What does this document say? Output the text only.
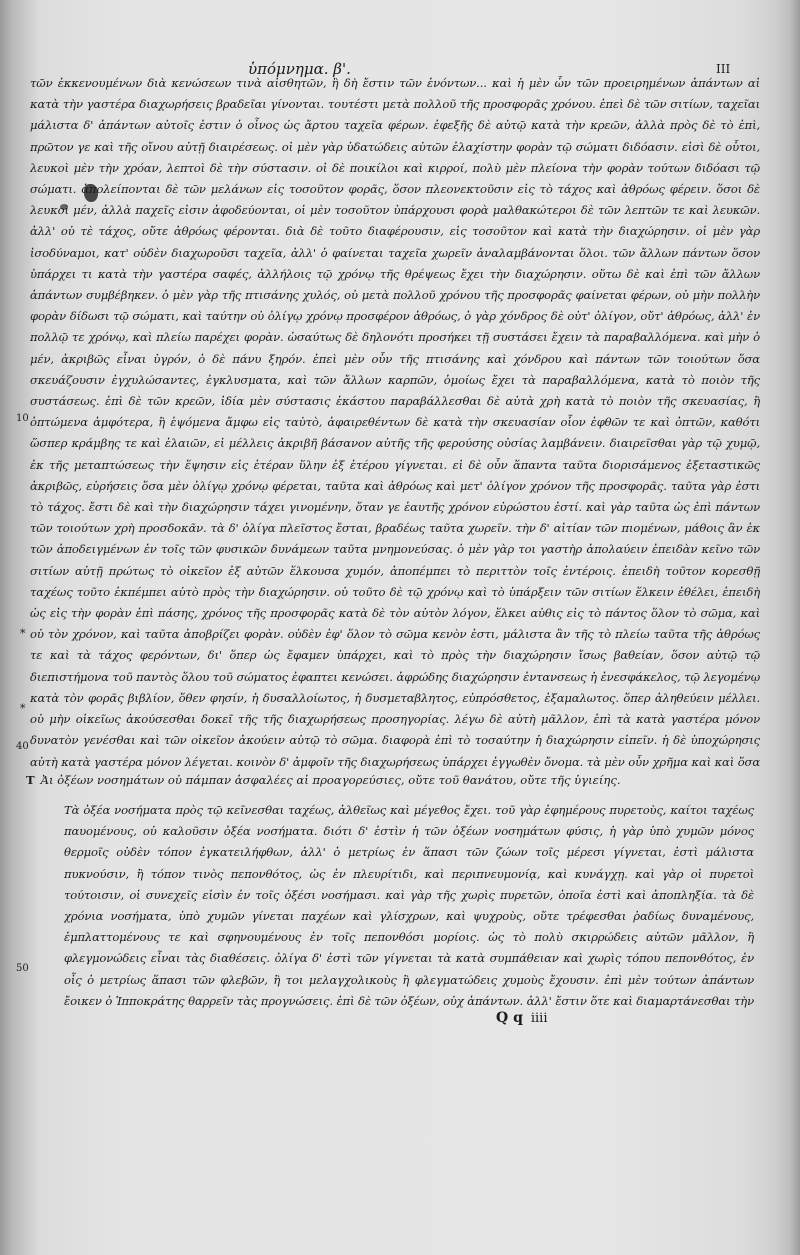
ὑπόμνημα. β'.	III

τῶν ἐκκενουμένων διὰ κενώσεων τινὰ αἰσθητῶν, ἢ δὴ ἔστιν τῶν ἐνόντων... καὶ ἡ μὲν ὧν τῶν προειρημένων ἀπάντων αἱ κατὰ τὴν γαστέρα διαχωρήσεις βραδεῖαι γίνονται. τουτέστι μετὰ πολλοῦ τῆς προσφορᾶς χρόνου. ἐπεὶ δὲ τῶν σιτίων, ταχεῖαι μάλιστα δ' ἀπάντων αὐτοῖς ἐστιν ὁ οἶνος ὡς ἄρτου ταχεῖα φέρων. ἐφεξῆς δὲ αὐτῷ κατὰ τὴν κρεῶν, ἀλλὰ πρὸς δὲ τὸ ἐπὶ, πρῶτον γε καὶ τῆς οἴνου αὐτῇ διαιρέσεως. οἱ μὲν γὰρ ὑδατώδεις αὐτῶν ἐλαχίστην φορὰν τῷ σώματι διδόασιν. εἰσὶ δὲ οὗτοι, λευκοὶ μὲν τὴν χρόαν, λεπτοὶ δὲ τὴν σύστασιν. οἱ δὲ ποικίλοι καὶ κιρροί, πολὺ μὲν πλείονα τὴν φορὰν τούτων διδόασι τῷ σώματι. ἀπολείπονται δὲ τῶν μελάνων εἰς τοσοῦτον φορᾶς, ὅσον πλεονεκτοῦσιν εἰς τὸ τάχος καὶ ἀθρόως φέρειν. ὅσοι δὲ λευκοὶ μέν, ἀλλὰ παχεῖς εἰσιν ἀφοδεύονται, οἱ μὲν τοσοῦτον ὑπάρχουσι φορὰ μαλθακώτεροι δὲ τῶν λεπτῶν τε καὶ λευκῶν. ἀλλ' οὐ τὲ τάχος, οὔτε ἀθρόως φέρονται. διὰ δὲ τοῦτο διαφέρουσιν, εἰς τοσοῦτον καὶ κατὰ τὴν διαχώρησιν. οἱ μὲν γὰρ ἰσοδύναμοι, κατ' οὐδὲν διαχωροῦσι ταχεῖα, ἀλλ' ὁ φαίνεται ταχεῖα χωρεῖν ἀναλαμβάνονται ὅλοι. τῶν ἄλλων πάντων ὅσον ὑπάρχει τι κατὰ τὴν γαστέρα σαφές, ἀλλήλοις τῷ χρόνῳ τῆς θρέψεως ἔχει τὴν διαχώρησιν. οὕτω δὲ καὶ ἐπὶ τῶν ἄλλων ἁπάντων συμβέβηκεν. ὁ μὲν γὰρ τῆς πτισάνης χυλός, οὐ μετὰ πολλοῦ χρόνου τῆς προσφορᾶς φαίνεται φέρων, οὐ μὴν πολλὴν φορὰν δίδωσι τῷ σώματι, καὶ ταύτην οὐ ὀλίγῳ χρόνῳ προσφέρον ἀθρόως, ὁ γὰρ χόνδρος δὲ οὐτ' ὀλίγον, οὔτ' ἀθρόως, ἀλλ' ἐν πολλῷ τε χρόνῳ, καὶ πλείω παρέχει φορὰν. ὡσαύτως δὲ δηλονότι προσήκει τῇ συστάσει ἔχειν τὰ παραβαλλόμενα. καὶ μὴν ὁ μέν, ἀκριβῶς εἶναι ὑγρόν, ὁ δὲ πάνυ ξηρόν. ἐπεὶ μὲν οὖν τῆς πτισάνης καὶ χόνδρου καὶ πάντων τῶν τοιούτων ὅσα σκευάζουσιν ἐγχυλώσαντες, ἐγκλυσματα, καὶ τῶν ἄλλων καρπῶν, ὁμοίως ἔχει τὰ παραβαλλόμενα, κατὰ τὸ ποιὸν τῆς συστάσεως. ἐπὶ δὲ τῶν κρεῶν, ἰδία μὲν σύστασις ἑκάστου παραβάλλεσθαι δὲ αὐτὰ χρὴ κατὰ τὸ ποιὸν τῆς σκευασίας, ἢ ὀπτώμενα ἀμφότερα, ἢ ἑψόμενα ἄμφω εἰς ταὐτὸ, ἀφαιρεθέντων δὲ κατὰ τὴν σκευασίαν οἷον ἐφθῶν τε καὶ ὀπτῶν, καθότι ὥσπερ κράμβης τε καὶ ἐλαιῶν, εἰ μέλλεις ἀκριβῆ βάσανον αὐτῆς τῆς φερούσης οὐσίας λαμβάνειν. διαιρεῖσθαι γὰρ τῷ χυμῷ, ἐκ τῆς μεταπτώσεως τὴν ἕψησιν εἰς ἑτέραν ὕλην ἐξ ἑτέρου γίγνεται. εἰ δὲ οὖν ἅπαντα ταῦτα διορισάμενος ἐξεταστικῶς ἀκριβῶς, εὑρήσεις ὅσα μὲν ὀλίγῳ χρόνῳ φέρεται, ταῦτα καὶ ἀθρόως καὶ μετ' ὀλίγον χρόνον τῆς προσφορᾶς. ταῦτα γὰρ ἐστι τὸ τάχος. ἔστι δὲ καὶ τὴν διαχώρησιν τάχει γινομένην, ὅταν γε ἑαυτῆς χρόνον εὐρώστου ἐστί. καὶ γὰρ ταῦτα ὡς ἐπὶ πάντων τῶν τοιούτων χρὴ προσδοκᾶν. τὰ δ' ὀλίγα πλεῖστος ἔσται, βραδέως ταῦτα χωρεῖν. τὴν δ' αἰτίαν τῶν πιομένων, μάθοις ἂν ἐκ τῶν ἀποδειγμένων ἐν τοῖς τῶν φυσικῶν δυνάμεων ταῦτα μνημονεύσας. ὁ μὲν γὰρ τοι γαστὴρ ἀπολαύειν ἐπειδὰν κεῖνο τῶν σιτίων αὐτῇ πρώτως τὸ οἰκεῖον ἐξ αὐτῶν ἕλκουσα χυμόν, ἀποπέμπει τὸ περιττὸν τοῖς ἐντέροις. ἐπειδὴ τοῦτον κορεσθῇ ταχέως τοῦτο ἐκπέμπει αὐτὸ πρὸς τὴν διαχώρησιν. οὐ τοῦτο δὲ τῷ χρόνῳ καὶ τὸ ὑπάρξειν τῶν σιτίων ἕλκειν ἐθέλει, ἐπειδὴ ὡς εἰς τὴν φορὰν ἐπὶ πάσης, χρόνος τῆς προσφορᾶς κατὰ δὲ τὸν αὐτὸν λόγον, ἕλκει αὐθις εἰς τὸ πάντος ὅλον τὸ σῶμα, καὶ οὐ τὸν χρόνον, καὶ ταῦτα ἀποβρίζει φορὰν. οὐδὲν ἐφ' ὅλον τὸ σῶμα κενὸν ἐστι, μάλιστα ἂν τῆς τὸ πλείω ταῦτα τῆς ἀθρόως τε καὶ τὰ τάχος φερόντων, δι' ὅπερ ὡς ἔφαμεν ὑπάρχει, καὶ τὸ πρὸς τὴν διαχώρησιν ἴσως βαθείαν, ὅσον αὐτῷ τῷ διεπιστήμονα τοῦ παντὸς ὅλου τοῦ σώματος ἐφαπτει κενώσει. ἀφρώδης διαχώρησιν ἐντανσεως ἡ ἐνεσφάκελος, τῷ λεγομένῳ κατὰ τὸν φορᾶς βιβλίον, ὅθεν φησίν, ἡ δυσαλλοίωτος, ἡ δυσμεταβλητος, εὐπρόσθετος, ἐξαμαλωτος. ὅπερ ἀληθεύειν μέλλει. οὐ μὴν οἰκεῖως ἀκούσεσθαι δοκεῖ τῆς τῆς διαχωρήσεως προσηγορίας. λέγω δὲ αὐτὴ μᾶλλον, ἐπὶ τὰ κατὰ γαστέρα μόνον δυνατὸν γενέσθαι καὶ τῶν οἰκεῖον ἀκούειν αὐτῷ τὸ σῶμα. διαφορὰ ἐπὶ τὸ τοσαύτην ἡ διαχώρησιν εἰπεῖν. ἡ δὲ ὑποχώρησις αὐτὴ κατὰ γαστέρα μόνον λέγεται. κοινὸν δ' ἀμφοῖν τῆς διαχωρήσεως ὑπάρχει ἐγγωθὲν ὄνομα. τὰ μὲν οὖν χρῆμα καὶ καὶ ὅσα

10
40
*
*
Τ Ἀι ὀξέων νοσημάτων οὐ πάμπαν ἀσφαλέες αἱ προαγορεύσιες, οὔτε τοῦ θανάτου, οὔτε τῆς ὑγιείης.

Τὰ ὀξέα νοσήματα πρὸς τῷ κεῖνεσθαι ταχέως, ἀλθεῖως καὶ μέγεθος ἔχει. τοῦ γὰρ ἐφημέρους πυρετοὺς, καίτοι ταχέως παυομένους, οὐ καλοῦσιν ὀξέα νοσήματα. διότι δ' ἐστὶν ἡ τῶν ὀξέων νοσημάτων φύσις, ἡ γὰρ ὑπὸ χυμῶν μόνος θερμοῖς οὐδὲν τόπον ἐγκατειλήφθων, ἀλλ' ὁ μετρίως ἐν ἅπασι τῶν ζώων τοῖς μέρεσι γίγνεται, ἐστὶ μάλιστα πυκνούσιν, ἢ τόπον τινὸς πεπονθότος, ὡς ἐν πλευρίτιδι, καὶ περιπνευμονίᾳ, καὶ κυνάγχῃ. καὶ γὰρ οἱ πυρετοὶ τούτοισιν, οἱ συνεχεῖς εἰσὶν ἐν τοῖς ὀξέσι νοσήμασι. καὶ γὰρ τῆς χωρὶς πυρετῶν, ὁποῖα ἐστὶ καὶ ἀποπληξία. τὰ δὲ χρόνια νοσήματα, ὑπὸ χυμῶν γίνεται παχέων καὶ γλίσχρων, καὶ ψυχροὺς, οὔτε τρέφεσθαι ῥαδίως δυναμένους, ἐμπλαττομένους τε καὶ σφηνουμένους ἐν τοῖς πεπονθόσι μορίοις. ὡς τὸ πολὺ σκιρρώδεις αὐτῶν μᾶλλον, ἢ φλεγμονώδεις εἶναι τὰς διαθέσεις. ὀλίγα δ' ἐστὶ τῶν γίγνεται τὰ κατὰ συμπάθειαν καὶ χωρὶς τόπου πεπονθότος, ἐν οἷς ὁ μετρίως ἅπασι τῶν φλεβῶν, ἢ τοι μελαγχολικοὺς ἢ φλεγματώδεις χυμοὺς ἔχουσιν. ἐπὶ μὲν τούτων ἁπάντων ἔοικεν ὁ Ἱπποκράτης θαρρεῖν τὰς προγνώσεις. ἐπὶ δὲ τῶν ὀξέων, οὐχ ἁπάντων. ἀλλ' ἔστιν ὅτε καὶ διαμαρτάνεσθαι τὴν

50
Q q iiii
